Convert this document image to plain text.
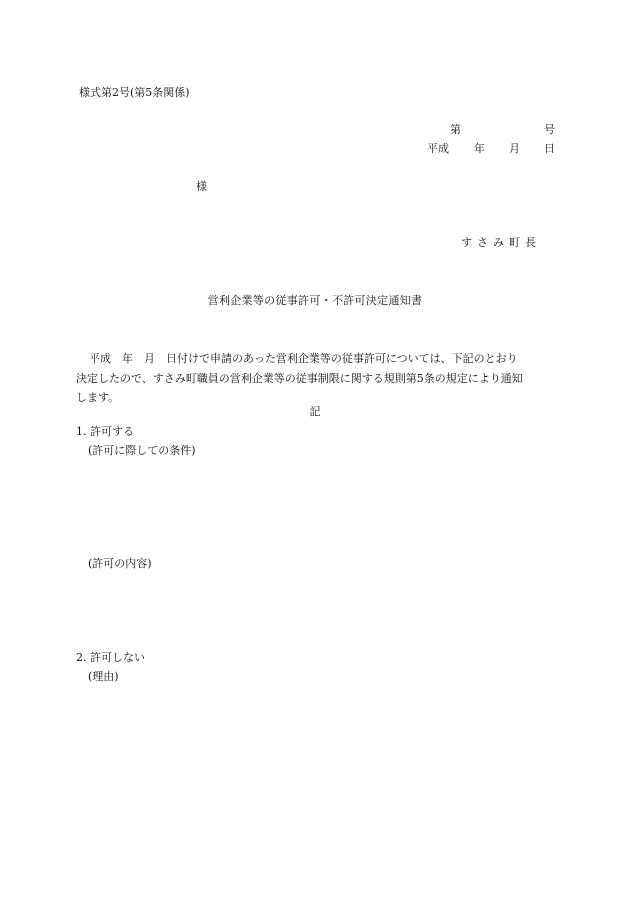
様式第2号(第5条関係)
第	号
平成 年 月 日
様
すさみ町長
営利企業等の従事許可・不許可決定通知書

平成　年　月　日付けで申請のあった営利企業等の従事許可については、下記のとおり

決定したので、すさみ町職員の営利企業等の従事制限に関する規則第5条の規定により通知

します。

記
1. 許可する
(許可に際しての条件)
(許可の内容)
2. 許可しない
(理由)
